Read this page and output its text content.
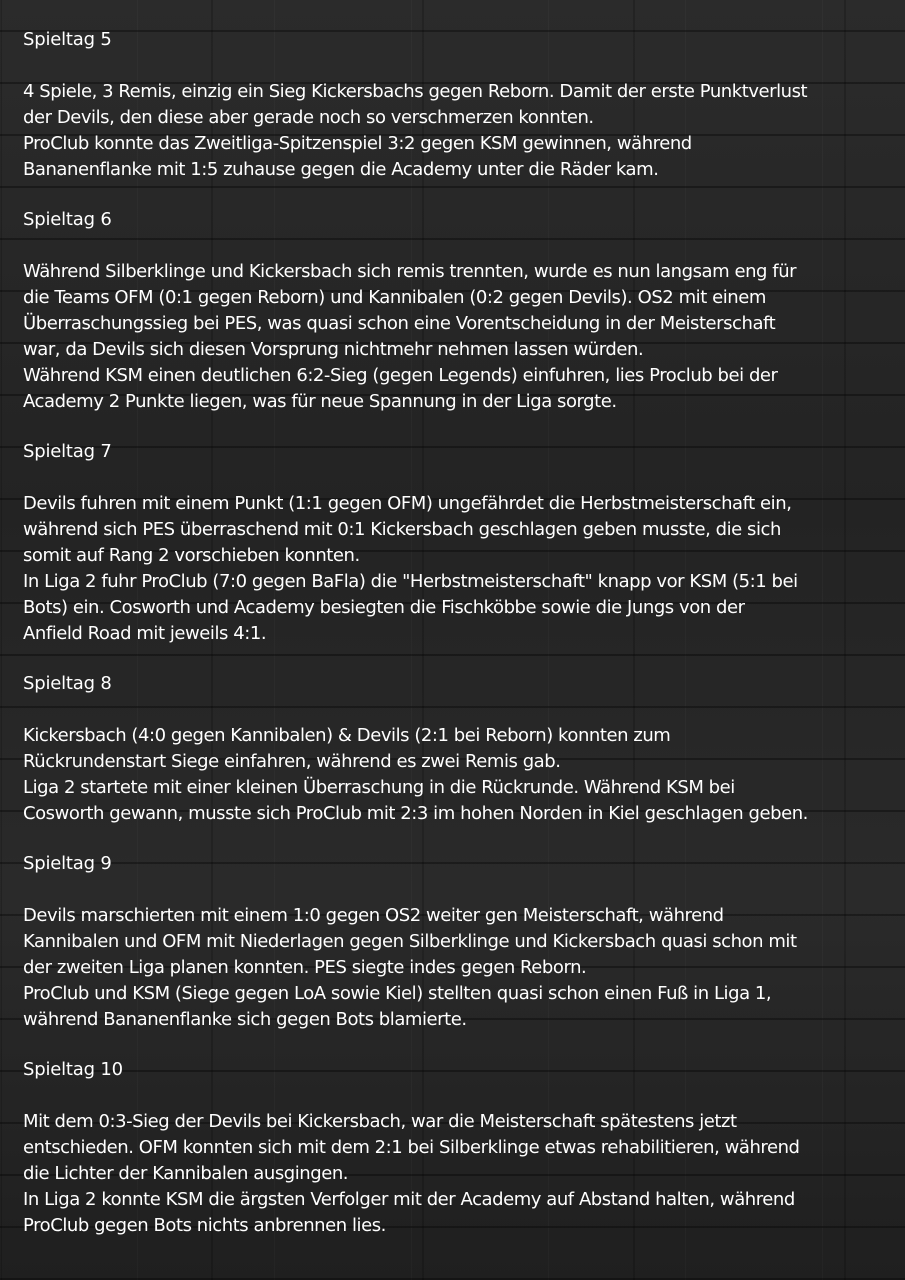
Spieltag 5
4 Spiele, 3 Remis, einzig ein Sieg Kickersbachs gegen Reborn. Damit der erste Punktverlust
der Devils, den diese aber gerade noch so verschmerzen konnten.
ProClub konnte das Zweitliga-Spitzenspiel 3:2 gegen KSM gewinnen, während
Bananenflanke mit 1:5 zuhause gegen die Academy unter die Räder kam.
Spieltag 6
Während Silberklinge und Kickersbach sich remis trennten, wurde es nun langsam eng für
die Teams OFM (0:1 gegen Reborn) und Kannibalen (0:2 gegen Devils). OS2 mit einem
Überraschungssieg bei PES, was quasi schon eine Vorentscheidung in der Meisterschaft
war, da Devils sich diesen Vorsprung nichtmehr nehmen lassen würden.
Während KSM einen deutlichen 6:2-Sieg (gegen Legends) einfuhren, lies Proclub bei der
Academy 2 Punkte liegen, was für neue Spannung in der Liga sorgte.
Spieltag 7
Devils fuhren mit einem Punkt (1:1 gegen OFM) ungefährdet die Herbstmeisterschaft ein,
während sich PES überraschend mit 0:1 Kickersbach geschlagen geben musste, die sich
somit auf Rang 2 vorschieben konnten.
In Liga 2 fuhr ProClub (7:0 gegen BaFla) die "Herbstmeisterschaft" knapp vor KSM (5:1 bei
Bots) ein. Cosworth und Academy besiegten die Fischköbbe sowie die Jungs von der
Anfield Road mit jeweils 4:1.
Spieltag 8
Kickersbach (4:0 gegen Kannibalen) & Devils (2:1 bei Reborn) konnten zum
Rückrundenstart Siege einfahren, während es zwei Remis gab.
Liga 2 startete mit einer kleinen Überraschung in die Rückrunde. Während KSM bei
Cosworth gewann, musste sich ProClub mit 2:3 im hohen Norden in Kiel geschlagen geben.
Spieltag 9
Devils marschierten mit einem 1:0 gegen OS2 weiter gen Meisterschaft, während
Kannibalen und OFM mit Niederlagen gegen Silberklinge und Kickersbach quasi schon mit
der zweiten Liga planen konnten. PES siegte indes gegen Reborn.
ProClub und KSM (Siege gegen LoA sowie Kiel) stellten quasi schon einen Fuß in Liga 1,
während Bananenflanke sich gegen Bots blamierte.
Spieltag 10
Mit dem 0:3-Sieg der Devils bei Kickersbach, war die Meisterschaft spätestens jetzt
entschieden. OFM konnten sich mit dem 2:1 bei Silberklinge etwas rehabilitieren, während
die Lichter der Kannibalen ausgingen.
In Liga 2 konnte KSM die ärgsten Verfolger mit der Academy auf Abstand halten, während
ProClub gegen Bots nichts anbrennen lies.
